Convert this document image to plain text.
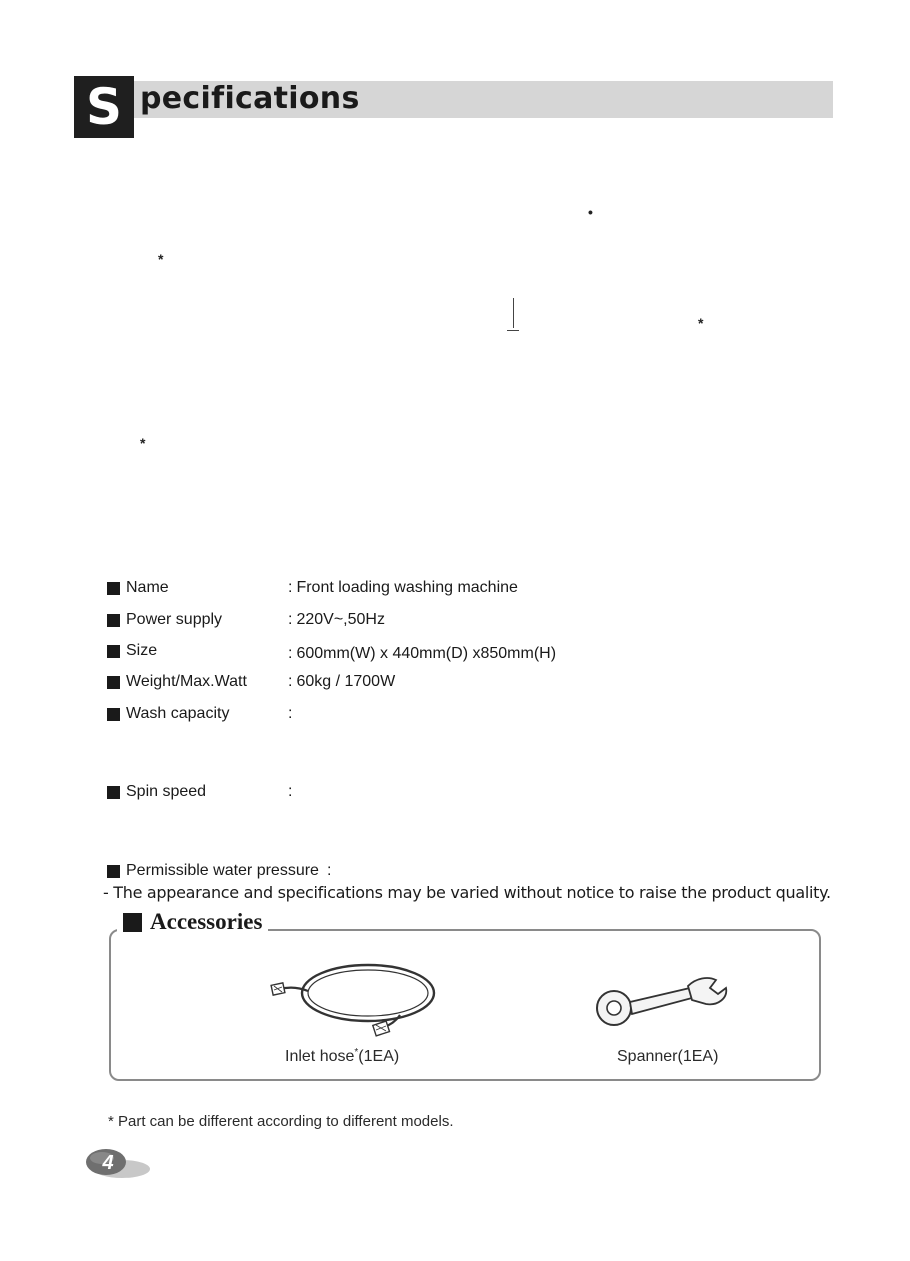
S pecifications
•
*
*
*
Name	: Front loading washing machine
Power supply	: 220V~,50Hz
Size	: 600mm(W) x 440mm(D) x850mm(H)
Weight/Max.Watt	: 60kg / 1700W
Wash capacity	:
Spin speed	:
Permissible water pressure :
- The appearance and specifications may be varied without notice to raise the product quality.
Accessories
Inlet hose*(1EA)	Spanner(1EA)
* Part can be different according to different models.
4
